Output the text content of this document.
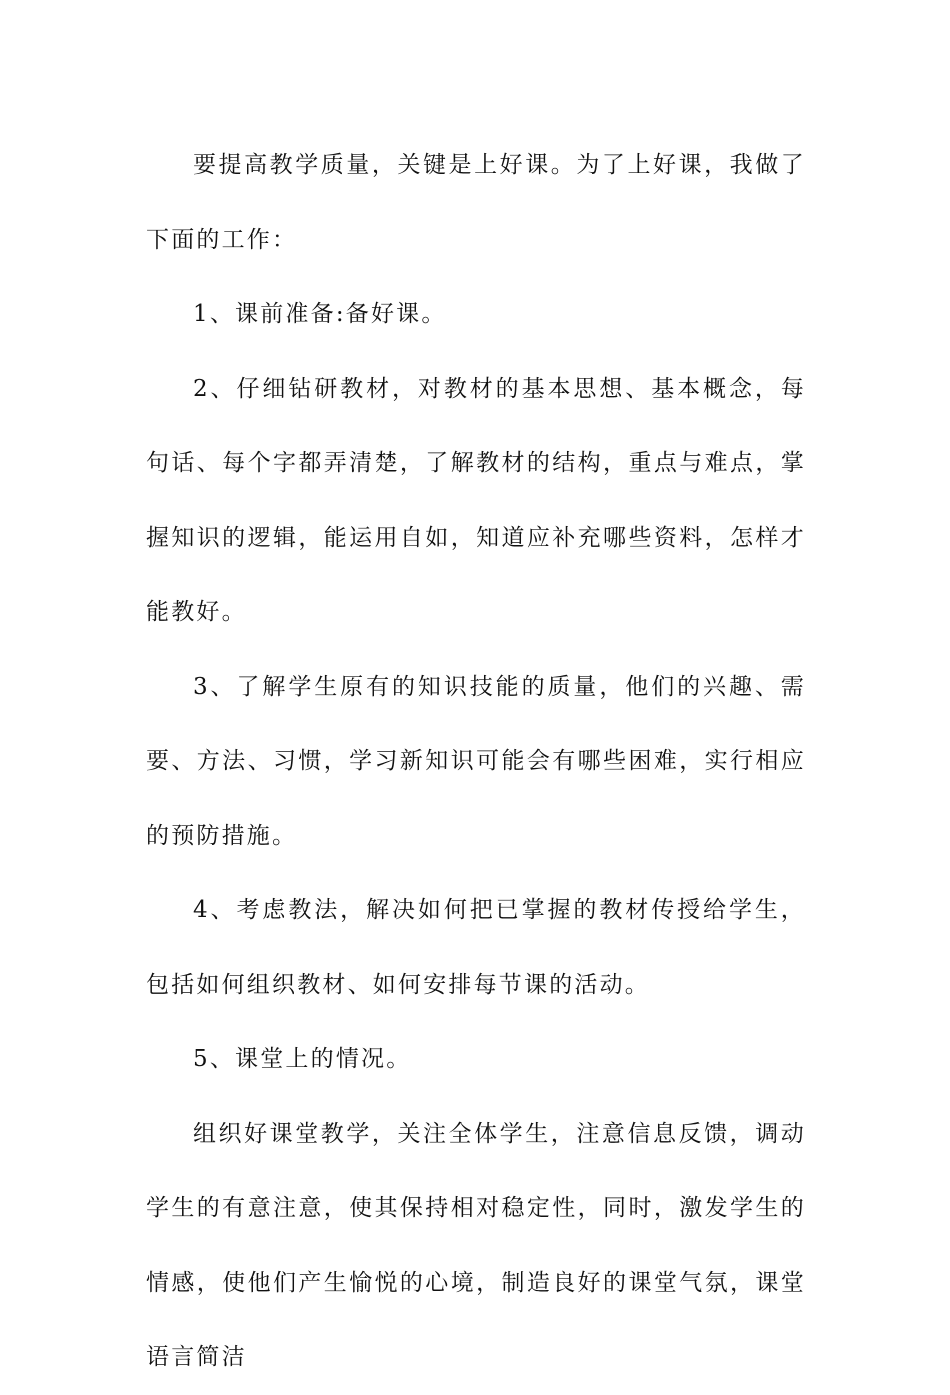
要提高教学质量，关键是上好课。为了上好课，我做了下面的工作：

1、课前准备:备好课。

2、仔细钻研教材，对教材的基本思想、基本概念，每句话、每个字都弄清楚，了解教材的结构，重点与难点，掌握知识的逻辑，能运用自如，知道应补充哪些资料，怎样才能教好。

3、了解学生原有的知识技能的质量，他们的兴趣、需要、方法、习惯，学习新知识可能会有哪些困难，实行相应的预防措施。

4、考虑教法，解决如何把已掌握的教材传授给学生，包括如何组织教材、如何安排每节课的活动。

5、课堂上的情况。

组织好课堂教学，关注全体学生，注意信息反馈，调动学生的有意注意，使其保持相对稳定性，同时，激发学生的情感，使他们产生愉悦的心境，制造良好的课堂气氛，课堂语言简洁
